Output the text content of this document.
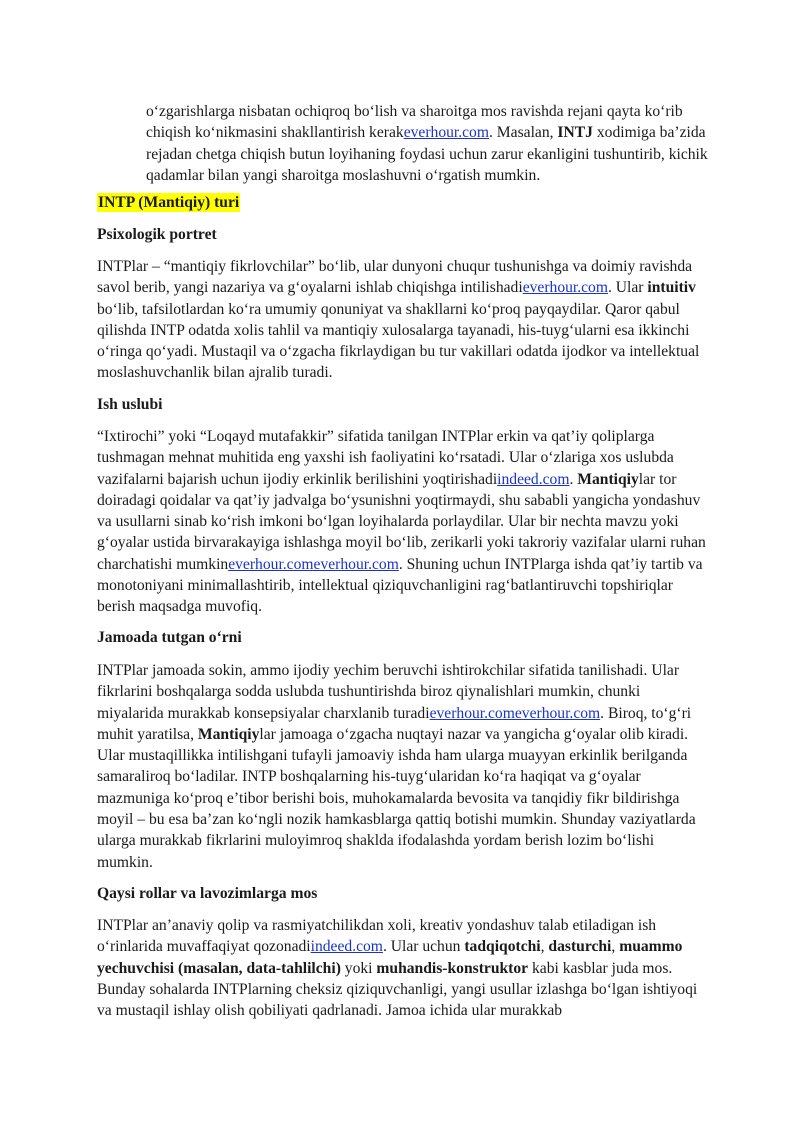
oʻzgarishlarga nisbatan ochiqroq boʻlish va sharoitga mos ravishda rejani qayta koʻrib chiqish koʻnikmasini shakllantirish kerakeverhour.com. Masalan, INTJ xodimiga baʼzida rejadan chetga chiqish butun loyihaning foydasi uchun zarur ekanligini tushuntirib, kichik qadamlar bilan yangi sharoitga moslashuvni oʻrgatish mumkin.

INTP (Mantiqiy) turi
Psixologik portret

INTPlar – “mantiqiy fikrlovchilar” boʻlib, ular dunyoni chuqur tushunishga va doimiy ravishda savol berib, yangi nazariya va gʻoyalarni ishlab chiqishga intilishadieverhour.com. Ular intuitiv boʻlib, tafsilotlardan koʻra umumiy qonuniyat va shakllarni koʻproq payqaydilar. Qaror qabul qilishda INTP odatda xolis tahlil va mantiqiy xulosalarga tayanadi, his-tuygʻularni esa ikkinchi oʻringa qoʻyadi. Mustaqil va oʻzgacha fikrlaydigan bu tur vakillari odatda ijodkor va intellektual moslashuvchanlik bilan ajralib turadi.

Ish uslubi

“Ixtirochi” yoki “Loqayd mutafakkir” sifatida tanilgan INTPlar erkin va qatʼiy qoliplarga tushmagan mehnat muhitida eng yaxshi ish faoliyatini koʻrsatadi. Ular oʻzlariga xos uslubda vazifalarni bajarish uchun ijodiy erkinlik berilishini yoqtirishadiindeed.com. Mantiqiylar tor doiradagi qoidalar va qatʼiy jadvalga boʻysunishni yoqtirmaydi, shu sababli yangicha yondashuv va usullarni sinab koʻrish imkoni boʻlgan loyihalarda porlaydilar. Ular bir nechta mavzu yoki gʻoyalar ustida birvarakayiga ishlashga moyil boʻlib, zerikarli yoki takroriy vazifalar ularni ruhan charchatishi mumkineverhour.comeverhour.com. Shuning uchun INTPlarga ishda qatʼiy tartib va monotoniyani minimallashtirib, intellektual qiziquvchanligini ragʻbatlantiruvchi topshiriqlar berish maqsadga muvofiq.

Jamoada tutgan oʻrni

INTPlar jamoada sokin, ammo ijodiy yechim beruvchi ishtirokchilar sifatida tanilishadi. Ular fikrlarini boshqalarga sodda uslubda tushuntirishda biroz qiynalishlari mumkin, chunki miyalarida murakkab konsepsiyalar charxlanib turadieverhour.comeverhour.com. Biroq, toʻgʻri muhit yaratilsa, Mantiqiylar jamoaga oʻzgacha nuqtayi nazar va yangicha gʻoyalar olib kiradi. Ular mustaqillikka intilishgani tufayli jamoaviy ishda ham ularga muayyan erkinlik berilganda samaraliroq boʻladilar. INTP boshqalarning his-tuygʻularidan koʻra haqiqat va gʻoyalar mazmuniga koʻproq eʼtibor berishi bois, muhokamalarda bevosita va tanqidiy fikr bildirishga moyil – bu esa baʼzan koʻngli nozik hamkasblarga qattiq botishi mumkin. Shunday vaziyatlarda ularga murakkab fikrlarini muloyimroq shaklda ifodalashda yordam berish lozim boʻlishi mumkin.

Qaysi rollar va lavozimlarga mos

INTPlar anʼanaviy qolip va rasmiyatchilikdan xoli, kreativ yondashuv talab etiladigan ish oʻrinlarida muvaffaqiyat qozonadiindeed.com. Ular uchun tadqiqotchi, dasturchi, muammo yechuvchisi (masalan, data-tahlilchi) yoki muhandis-konstruktor kabi kasblar juda mos. Bunday sohalarda INTPlarning cheksiz qiziquvchanligi, yangi usullar izlashga boʻlgan ishtiyoqi va mustaqil ishlay olish qobiliyati qadrlanadi. Jamoa ichida ular murakkab
